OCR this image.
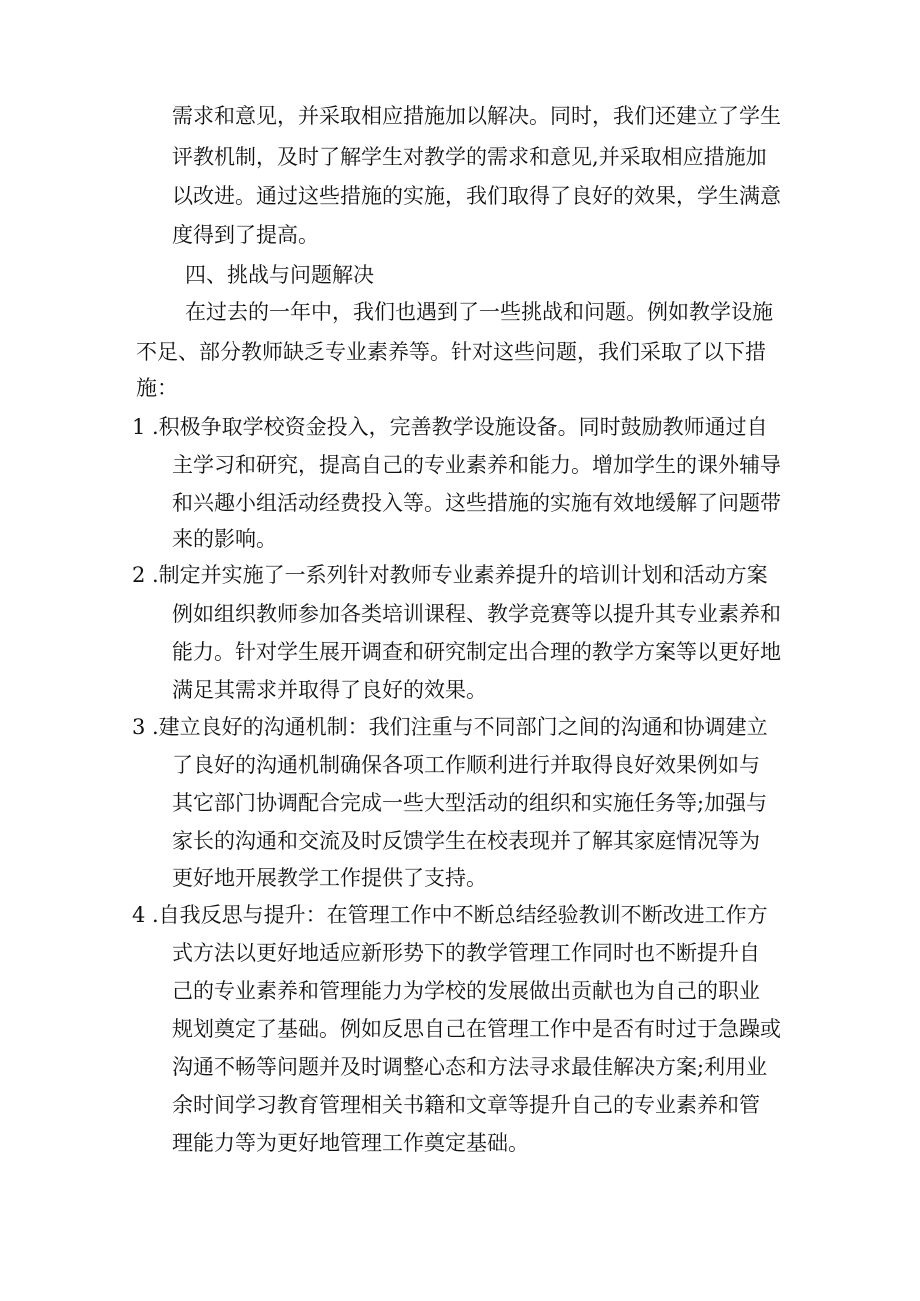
需求和意见，并采取相应措施加以解决。同时，我们还建立了学生
评教机制，及时了解学生对教学的需求和意见,并采取相应措施加
以改进。通过这些措施的实施，我们取得了良好的效果，学生满意
度得到了提高。
四、挑战与问题解决
在过去的一年中，我们也遇到了一些挑战和问题。例如教学设施
不足、部分教师缺乏专业素养等。针对这些问题，我们采取了以下措
施：
1 .积极争取学校资金投入，完善教学设施设备。同时鼓励教师通过自
主学习和研究，提高自己的专业素养和能力。增加学生的课外辅导
和兴趣小组活动经费投入等。这些措施的实施有效地缓解了问题带
来的影响。
2 .制定并实施了一系列针对教师专业素养提升的培训计划和活动方案
例如组织教师参加各类培训课程、教学竞赛等以提升其专业素养和
能力。针对学生展开调查和研究制定出合理的教学方案等以更好地
满足其需求并取得了良好的效果。
3 .建立良好的沟通机制：我们注重与不同部门之间的沟通和协调建立
了良好的沟通机制确保各项工作顺利进行并取得良好效果例如与
其它部门协调配合完成一些大型活动的组织和实施任务等;加强与
家长的沟通和交流及时反馈学生在校表现并了解其家庭情况等为
更好地开展教学工作提供了支持。
4 .自我反思与提升：在管理工作中不断总结经验教训不断改进工作方
式方法以更好地适应新形势下的教学管理工作同时也不断提升自
己的专业素养和管理能力为学校的发展做出贡献也为自己的职业
规划奠定了基础。例如反思自己在管理工作中是否有时过于急躁或
沟通不畅等问题并及时调整心态和方法寻求最佳解决方案;利用业
余时间学习教育管理相关书籍和文章等提升自己的专业素养和管
理能力等为更好地管理工作奠定基础。
